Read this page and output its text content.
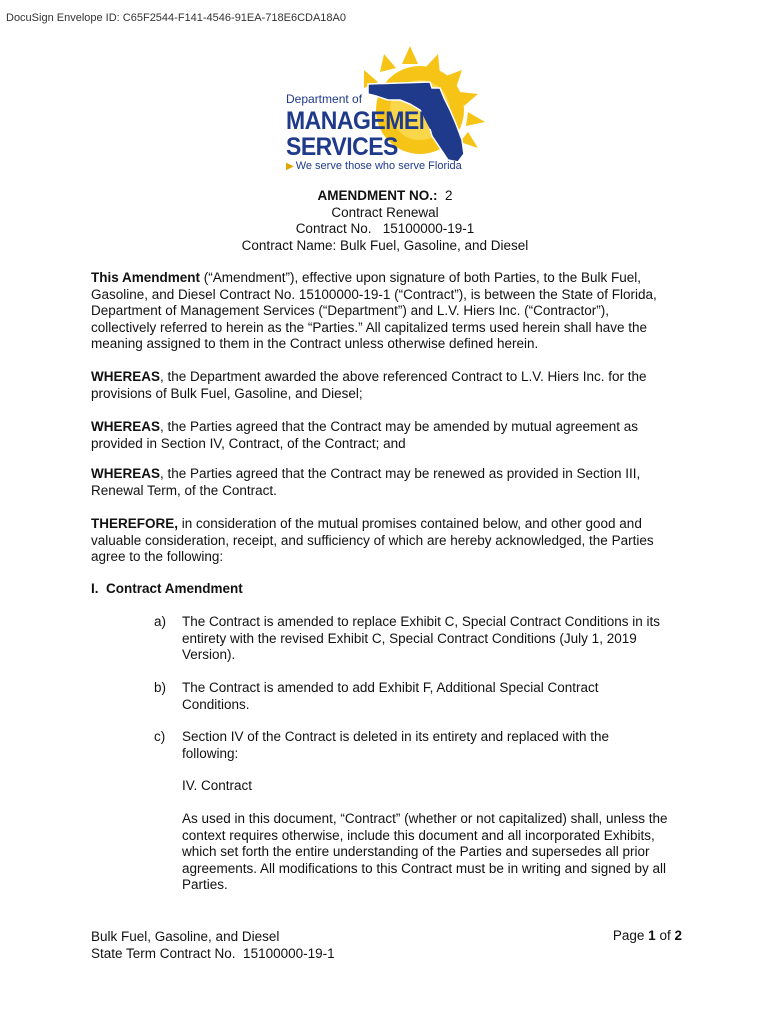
DocuSign Envelope ID: C65F2544-F141-4546-91EA-718E6CDA18A0
Department of
MANAGEMENT
SERVICES
▶ We serve those who serve Florida
AMENDMENT NO.: 2
Contract Renewal
Contract No.   15100000-19-1
Contract Name: Bulk Fuel, Gasoline, and Diesel

This Amendment (“Amendment”), effective upon signature of both Parties, to the Bulk Fuel,
Gasoline, and Diesel Contract No. 15100000-19-1 (“Contract”), is between the State of Florida,
Department of Management Services (“Department”) and L.V. Hiers Inc. (“Contractor”),
collectively referred to herein as the “Parties.” All capitalized terms used herein shall have the
meaning assigned to them in the Contract unless otherwise defined herein.

WHEREAS, the Department awarded the above referenced Contract to L.V. Hiers Inc. for the
provisions of Bulk Fuel, Gasoline, and Diesel;

WHEREAS, the Parties agreed that the Contract may be amended by mutual agreement as
provided in Section IV, Contract, of the Contract; and

WHEREAS, the Parties agreed that the Contract may be renewed as provided in Section III,
Renewal Term, of the Contract.

THEREFORE, in consideration of the mutual promises contained below, and other good and
valuable consideration, receipt, and sufficiency of which are hereby acknowledged, the Parties
agree to the following:

I.  Contract Amendment
a)	The Contract is amended to replace Exhibit C, Special Contract Conditions in its
entirety with the revised Exhibit C, Special Contract Conditions (July 1, 2019
Version).
b)	The Contract is amended to add Exhibit F, Additional Special Contract
Conditions.
c)	Section IV of the Contract is deleted in its entirety and replaced with the
following:
IV. Contract
As used in this document, “Contract” (whether or not capitalized) shall, unless the
context requires otherwise, include this document and all incorporated Exhibits,
which set forth the entire understanding of the Parties and supersedes all prior
agreements. All modifications to this Contract must be in writing and signed by all
Parties.
Bulk Fuel, Gasoline, and Diesel
State Term Contract No.  15100000-19-1
Page 1 of 2
